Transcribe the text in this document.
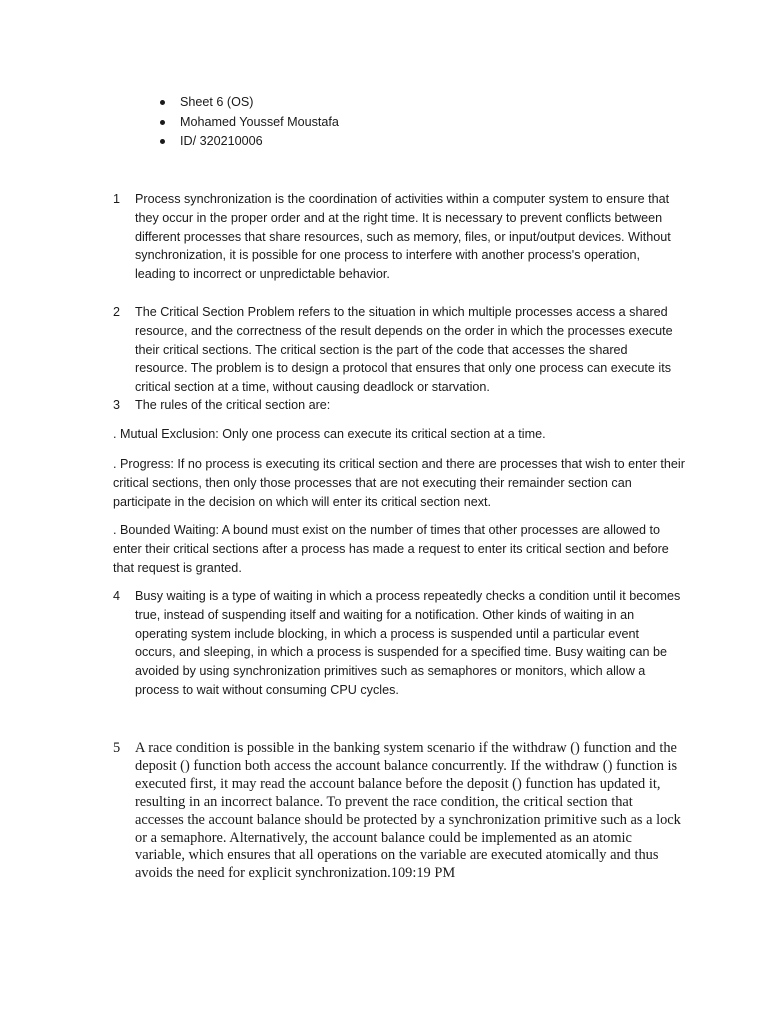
Sheet 6 (OS)
Mohamed Youssef Moustafa
ID/ 320210006
1	Process synchronization is the coordination of activities within a computer system to ensure that they occur in the proper order and at the right time. It is necessary to prevent conflicts between different processes that share resources, such as memory, files, or input/output devices. Without synchronization, it is possible for one process to interfere with another process's operation, leading to incorrect or unpredictable behavior.
2	The Critical Section Problem refers to the situation in which multiple processes access a shared resource, and the correctness of the result depends on the order in which the processes execute their critical sections. The critical section is the part of the code that accesses the shared resource. The problem is to design a protocol that ensures that only one process can execute its critical section at a time, without causing deadlock or starvation.
3	The rules of the critical section are:
. Mutual Exclusion: Only one process can execute its critical section at a time.
. Progress: If no process is executing its critical section and there are processes that wish to enter their critical sections, then only those processes that are not executing their remainder section can participate in the decision on which will enter its critical section next.
. Bounded Waiting: A bound must exist on the number of times that other processes are allowed to enter their critical sections after a process has made a request to enter its critical section and before that request is granted.
4	Busy waiting is a type of waiting in which a process repeatedly checks a condition until it becomes true, instead of suspending itself and waiting for a notification. Other kinds of waiting in an operating system include blocking, in which a process is suspended until a particular event occurs, and sleeping, in which a process is suspended for a specified time. Busy waiting can be avoided by using synchronization primitives such as semaphores or monitors, which allow a process to wait without consuming CPU cycles.
5	A race condition is possible in the banking system scenario if the withdraw () function and the deposit () function both access the account balance concurrently. If the withdraw () function is executed first, it may read the account balance before the deposit () function has updated it, resulting in an incorrect balance. To prevent the race condition, the critical section that accesses the account balance should be protected by a synchronization primitive such as a lock or a semaphore. Alternatively, the account balance could be implemented as an atomic variable, which ensures that all operations on the variable are executed atomically and thus avoids the need for explicit synchronization.109:19 PM
